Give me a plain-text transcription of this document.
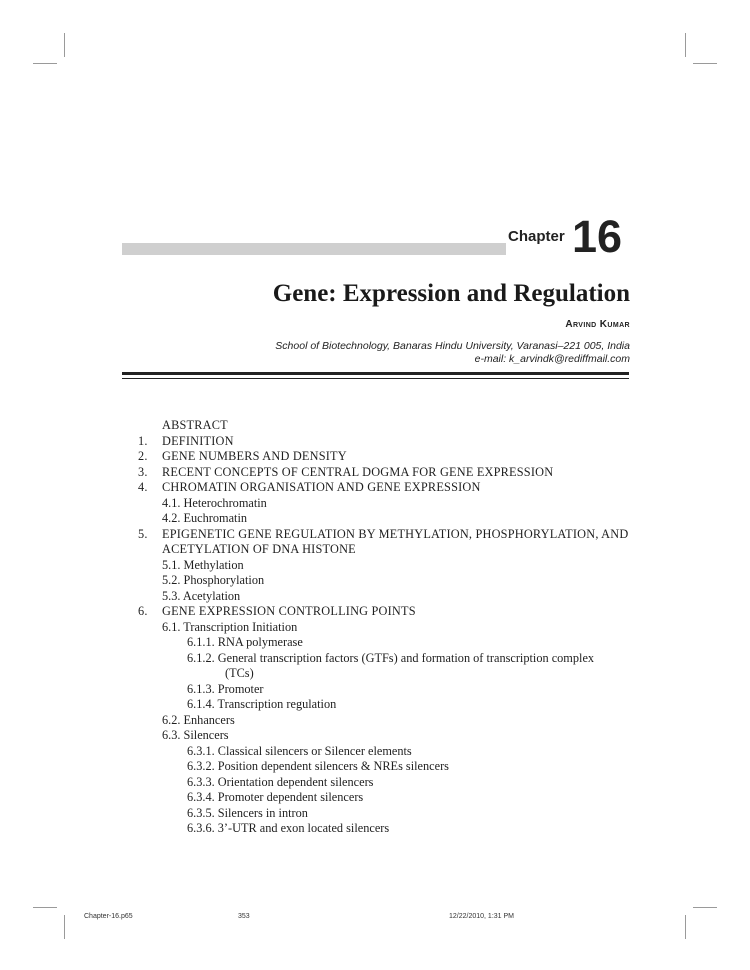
Chapter 16
Gene: Expression and Regulation
Arvind Kumar
School of Biotechnology, Banaras Hindu University, Varanasi–221 005, India
e-mail: k_arvindk@rediffmail.com
ABSTRACT
1. DEFINITION
2. GENE NUMBERS AND DENSITY
3. RECENT CONCEPTS OF CENTRAL DOGMA FOR GENE EXPRESSION
4. CHROMATIN ORGANISATION AND GENE EXPRESSION
4.1. Heterochromatin
4.2. Euchromatin
5. EPIGENETIC GENE REGULATION BY METHYLATION, PHOSPHORYLATION, AND
ACETYLATION OF DNA HISTONE
5.1. Methylation
5.2. Phosphorylation
5.3. Acetylation
6. GENE EXPRESSION CONTROLLING POINTS
6.1. Transcription Initiation
6.1.1. RNA polymerase
6.1.2. General transcription factors (GTFs) and formation of transcription complex
(TCs)
6.1.3. Promoter
6.1.4. Transcription regulation
6.2. Enhancers
6.3. Silencers
6.3.1. Classical silencers or Silencer elements
6.3.2. Position dependent silencers & NREs silencers
6.3.3. Orientation dependent silencers
6.3.4. Promoter dependent silencers
6.3.5. Silencers in intron
6.3.6. 3’-UTR and exon located silencers
Chapter-16.p65	353	12/22/2010, 1:31 PM
